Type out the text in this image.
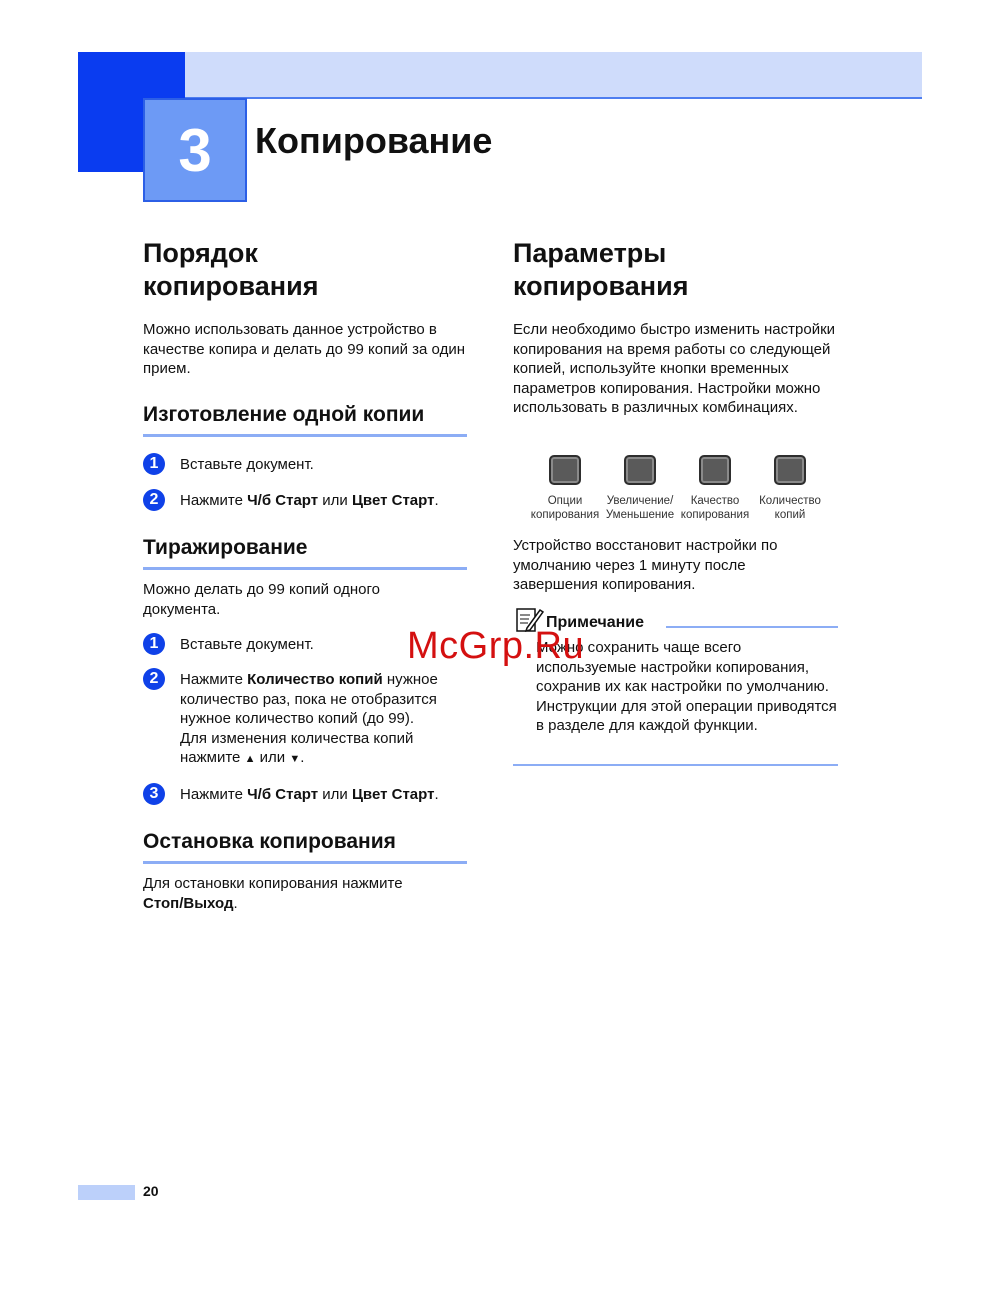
3	Копирование
Порядок
копирования

Можно использовать данное устройство в качестве копира и делать до 99 копий за один прием.

Изготовление одной копии
1	Вставьте документ.
2	Нажмите Ч/б Старт или Цвет Старт.
Тиражирование

Можно делать до 99 копий одного документа.

1	Вставьте документ.
2	Нажмите Количество копий нужное количество раз, пока не отобразится нужное количество копий (до 99).
Для изменения количества копий нажмите ▲ или ▼.
3	Нажмите Ч/б Старт или Цвет Старт.
Остановка копирования

Для остановки копирования нажмите
Стоп/Выход.

Параметры
копирования

Если необходимо быстро изменить настройки копирования на время работы со следующей копией, используйте кнопки временных параметров копирования. Настройки можно использовать в различных комбинациях.

Опции
копирования
Увеличение/
Уменьшение
Качество
копирования
Количество
копий

Устройство восстановит настройки по умолчанию через 1 минуту после завершения копирования.

Примечание

Можно сохранить чаще всего используемые настройки копирования, сохранив их как настройки по умолчанию. Инструкции для этой операции приводятся в разделе для каждой функции.

McGrp.Ru
20
